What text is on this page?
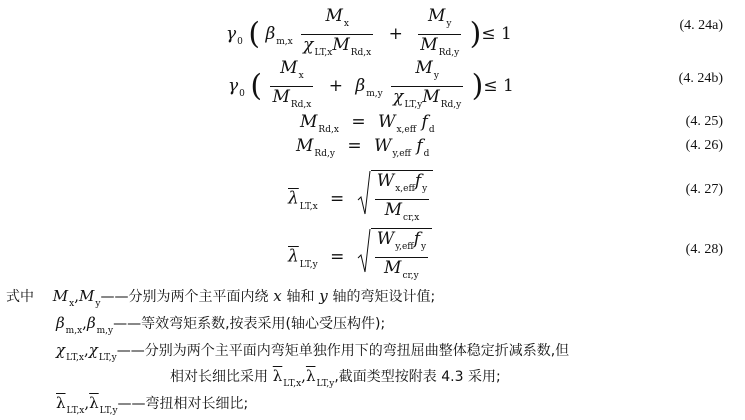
$\gamma_0$ ( $\beta_{m,x} \frac{M_x}{\chi_{LT,x}M_{Rd,x}} + \frac{M_y}{M_{Rd,y}}$ )≤ 1	(4. 24a)
$\gamma_0$ ( $\frac{M_x}{M_{Rd,x}} + \beta_{m,y} \frac{M_y}{\chi_{LT,y}M_{Rd,y}}$ )≤ 1	(4. 24b)
$M_{Rd,x} = W_{x,eff}$ $f_d$
(4. 25)
$M_{Rd,y} = W_{y,eff}$ $f_d$
(4. 26)
$\overline{\lambda}_{LT,x} = \frac{W_{x,eff}f_y}{M_{cr,x}}$	(4. 27)
$\overline{\lambda}_{LT,y} = \frac{W_{y,eff}f_y}{M_{cr,y}}$	(4. 28)
式中 $M_x,M_y——$分别为两个主平面内绕 x 轴和 y 轴的弯矩设计值;
$\beta_{m,x},\beta_{m,y}——$等效弯矩系数,按表采用(轴心受压构件);
$\chi_{LT,x},\chi_{LT,y}——$分别为两个主平面内弯矩单独作用下的弯扭屈曲整体稳定折减系数,但
相对长细比采用 $\overline{\lambda}_{LT,x},\overline{\lambda}_{LT,y}$,截面类型按附表 4.3 采用;
$\overline{\lambda}_{LT,x},\overline{\lambda}_{LT,y}——$弯扭相对长细比;
